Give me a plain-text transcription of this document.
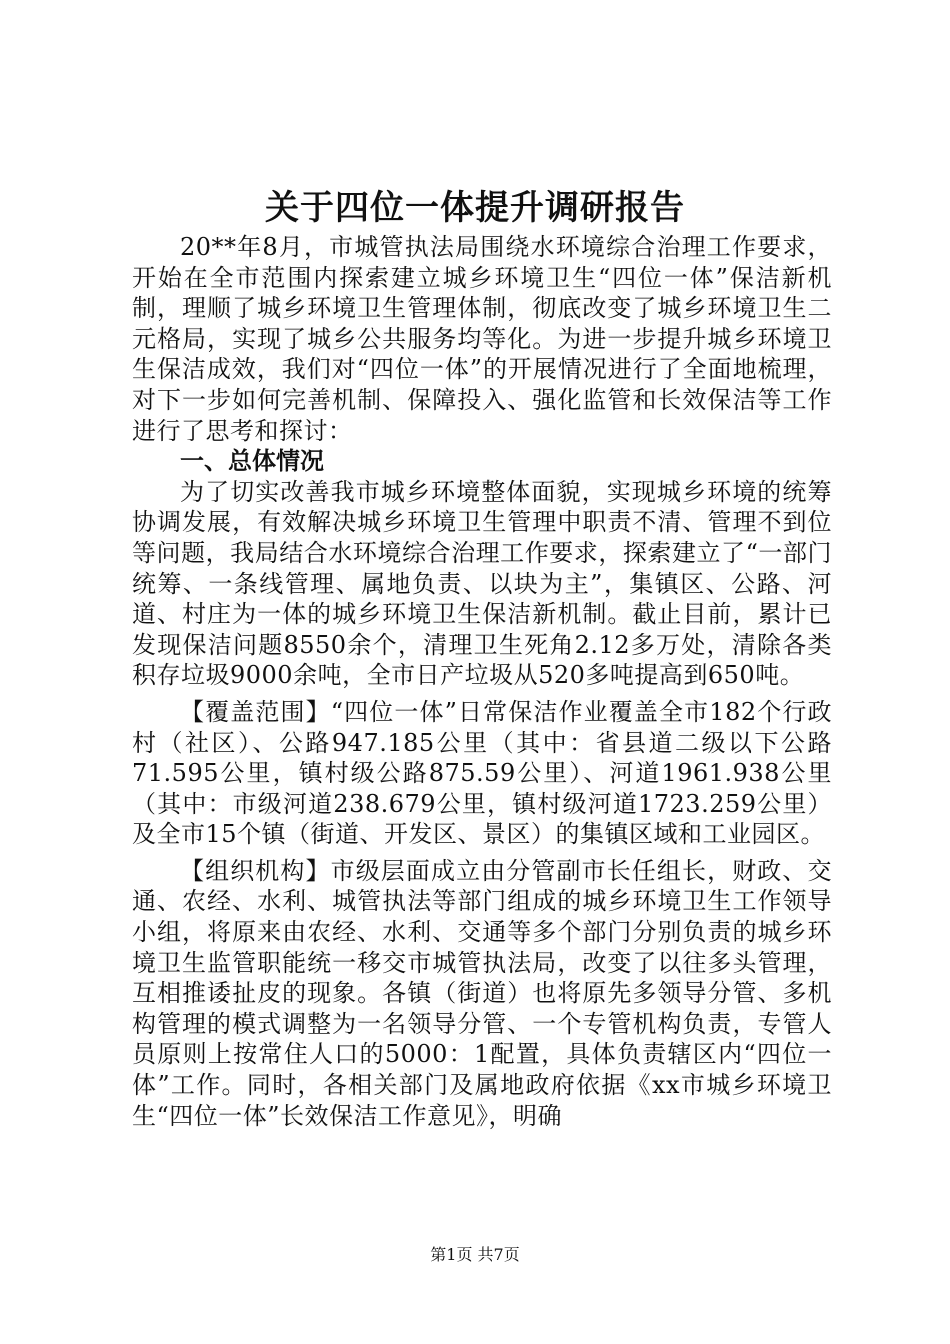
关于四位一体提升调研报告

20**年8月，市城管执法局围绕水环境综合治理工作要求，开始在全市范围内探索建立城乡环境卫生“四位一体”保洁新机制，理顺了城乡环境卫生管理体制，彻底改变了城乡环境卫生二元格局，实现了城乡公共服务均等化。为进一步提升城乡环境卫生保洁成效，我们对“四位一体”的开展情况进行了全面地梳理，对下一步如何完善机制、保障投入、强化监管和长效保洁等工作进行了思考和探讨：

一、总体情况

为了切实改善我市城乡环境整体面貌，实现城乡环境的统筹协调发展，有效解决城乡环境卫生管理中职责不清、管理不到位等问题，我局结合水环境综合治理工作要求，探索建立了“一部门统筹、一条线管理、属地负责、以块为主”，集镇区、公路、河道、村庄为一体的城乡环境卫生保洁新机制。截止目前，累计已发现保洁问题8550余个，清理卫生死角2.12多万处，清除各类积存垃圾9000余吨，全市日产垃圾从520多吨提高到650吨。

【覆盖范围】“四位一体”日常保洁作业覆盖全市182个行政村（社区）、公路947.185公里（其中：省县道二级以下公路71.595公里，镇村级公路875.59公里）、河道1961.938公里（其中：市级河道238.679公里，镇村级河道1723.259公里）及全市15个镇（街道、开发区、景区）的集镇区域和工业园区。

【组织机构】市级层面成立由分管副市长任组长，财政、交通、农经、水利、城管执法等部门组成的城乡环境卫生工作领导小组，将原来由农经、水利、交通等多个部门分别负责的城乡环境卫生监管职能统一移交市城管执法局，改变了以往多头管理，互相推诿扯皮的现象。各镇（街道）也将原先多领导分管、多机构管理的模式调整为一名领导分管、一个专管机构负责，专管人员原则上按常住人口的5000：1配置，具体负责辖区内“四位一体”工作。同时，各相关部门及属地政府依据《xx市城乡环境卫生“四位一体”长效保洁工作意见》，明确

第1页 共7页
